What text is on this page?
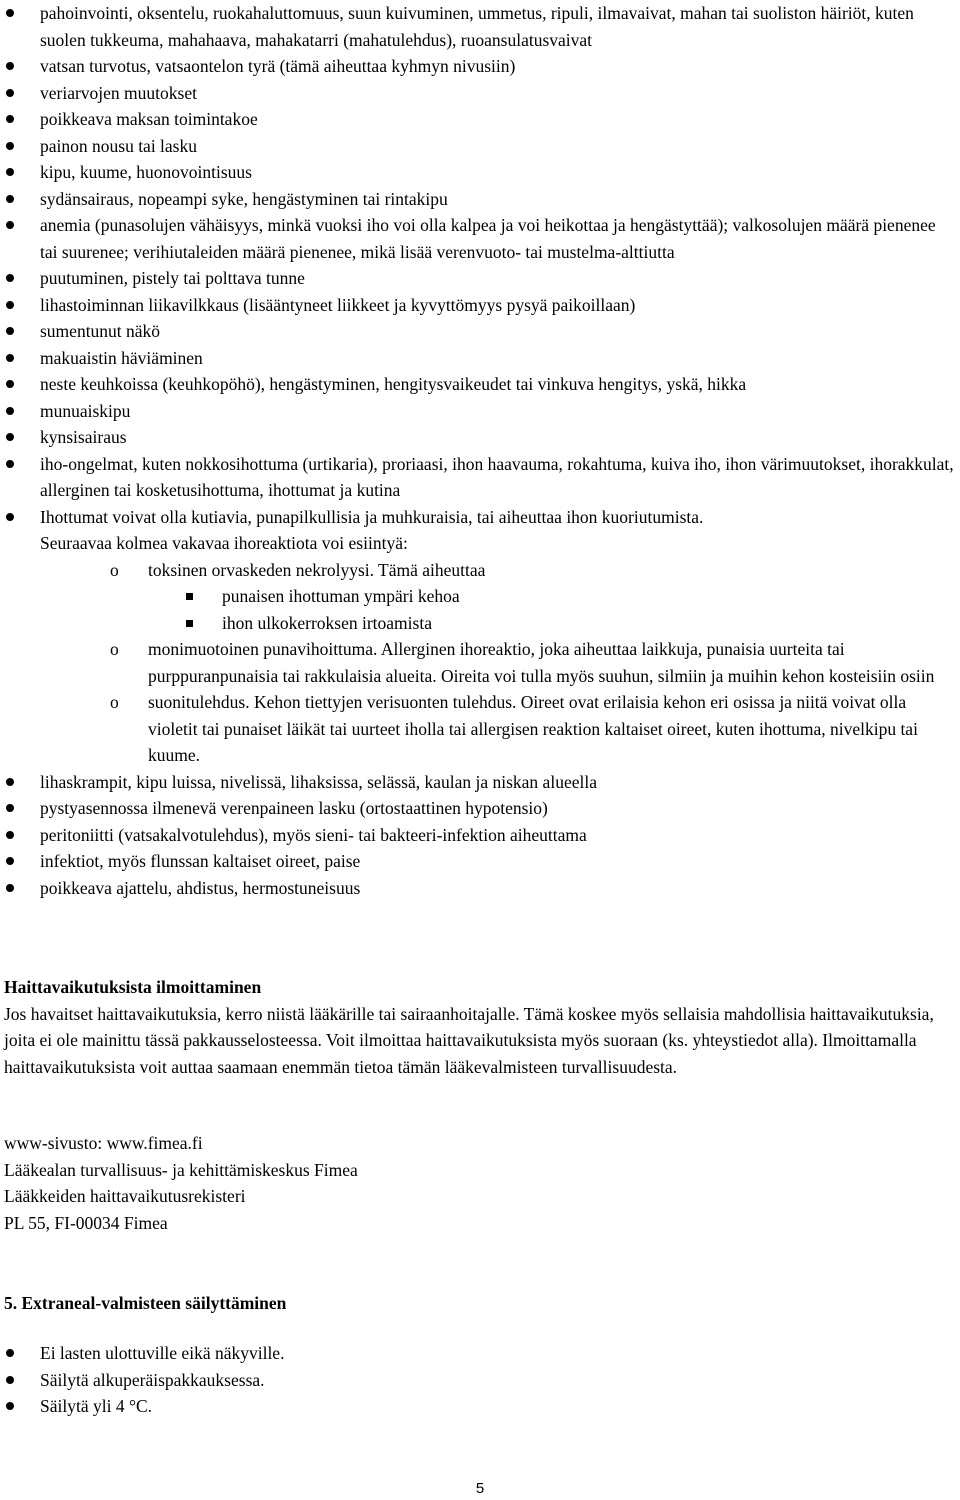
pahoinvointi, oksentelu, ruokahaluttomuus, suun kuivuminen, ummetus, ripuli, ilmavaivat, mahan tai suoliston häiriöt, kuten suolen tukkeuma, mahahaava, mahakatarri (mahatulehdus), ruoansulatusvaivat
vatsan turvotus, vatsaontelon tyrä (tämä aiheuttaa kyhmyn nivusiin)
veriarvojen muutokset
poikkeava maksan toimintakoe
painon nousu tai lasku
kipu, kuume, huonovointisuus
sydänsairaus, nopeampi syke, hengästyminen tai rintakipu
anemia (punasolujen vähäisyys, minkä vuoksi iho voi olla kalpea ja voi heikottaa ja hengästyttää); valkosolujen määrä pienenee tai suurenee; verihiutaleiden määrä pienenee, mikä lisää verenvuoto- tai mustelma-alttiutta
puutuminen, pistely tai polttava tunne
lihastoiminnan liikavilkkaus (lisääntyneet liikkeet ja kyvyttömyys pysyä paikoillaan)
sumentunut näkö
makuaistin häviäminen
neste keuhkoissa (keuhkopöhö), hengästyminen, hengitysvaikeudet tai vinkuva hengitys, yskä, hikka
munuaiskipu
kynsisairaus
iho-ongelmat, kuten nokkosihottuma (urtikaria), proriaasi, ihon haavauma, rokahtuma, kuiva iho, ihon värimuutokset, ihorakkulat, allerginen tai kosketusihottuma, ihottumat ja kutina
Ihottumat voivat olla kutiavia, punapilkullisia ja muhkuraisia, tai aiheuttaa ihon kuoriutumista.
Seuraavaa kolmea vakavaa ihoreaktiota voi esiintyä:
o toksinen orvaskeden nekrolyysi. Tämä aiheuttaa
punaisen ihottuman ympäri kehoa
ihon ulkokerroksen irtoamista
o monimuotoinen punavihoittuma. Allerginen ihoreaktio, joka aiheuttaa laikkuja, punaisia uurteita tai purppuranpunaisia tai rakkulaisia alueita. Oireita voi tulla myös suuhun, silmiin ja muihin kehon kosteisiin osiin
o suonitulehdus. Kehon tiettyjen verisuonten tulehdus. Oireet ovat erilaisia kehon eri osissa ja niitä voivat olla violetit tai punaiset läikät tai uurteet iholla tai allergisen reaktion kaltaiset oireet, kuten ihottuma, nivelkipu tai kuume.
lihaskrampit, kipu luissa, nivelissä, lihaksissa, selässä, kaulan ja niskan alueella
pystyasennossa ilmenevä verenpaineen lasku (ortostaattinen hypotensio)
peritoniitti (vatsakalvotulehdus), myös sieni- tai bakteeri-infektion aiheuttama
infektiot, myös flunssan kaltaiset oireet, paise
poikkeava ajattelu, ahdistus, hermostuneisuus
Haittavaikutuksista ilmoittaminen
Jos havaitset haittavaikutuksia, kerro niistä lääkärille tai sairaanhoitajalle. Tämä koskee myös sellaisia mahdollisia haittavaikutuksia, joita ei ole mainittu tässä pakkausselosteessa. Voit ilmoittaa haittavaikutuksista myös suoraan (ks. yhteystiedot alla). Ilmoittamalla haittavaikutuksista voit auttaa saamaan enemmän tietoa tämän lääkevalmisteen turvallisuudesta.
www-sivusto: www.fimea.fi
Lääkealan turvallisuus- ja kehittämiskeskus Fimea
Lääkkeiden haittavaikutusrekisteri
PL 55, FI-00034 Fimea
5. Extraneal-valmisteen säilyttäminen
Ei lasten ulottuville eikä näkyville.
Säilytä alkuperäispakkauksessa.
Säilytä yli 4 °C.
5
